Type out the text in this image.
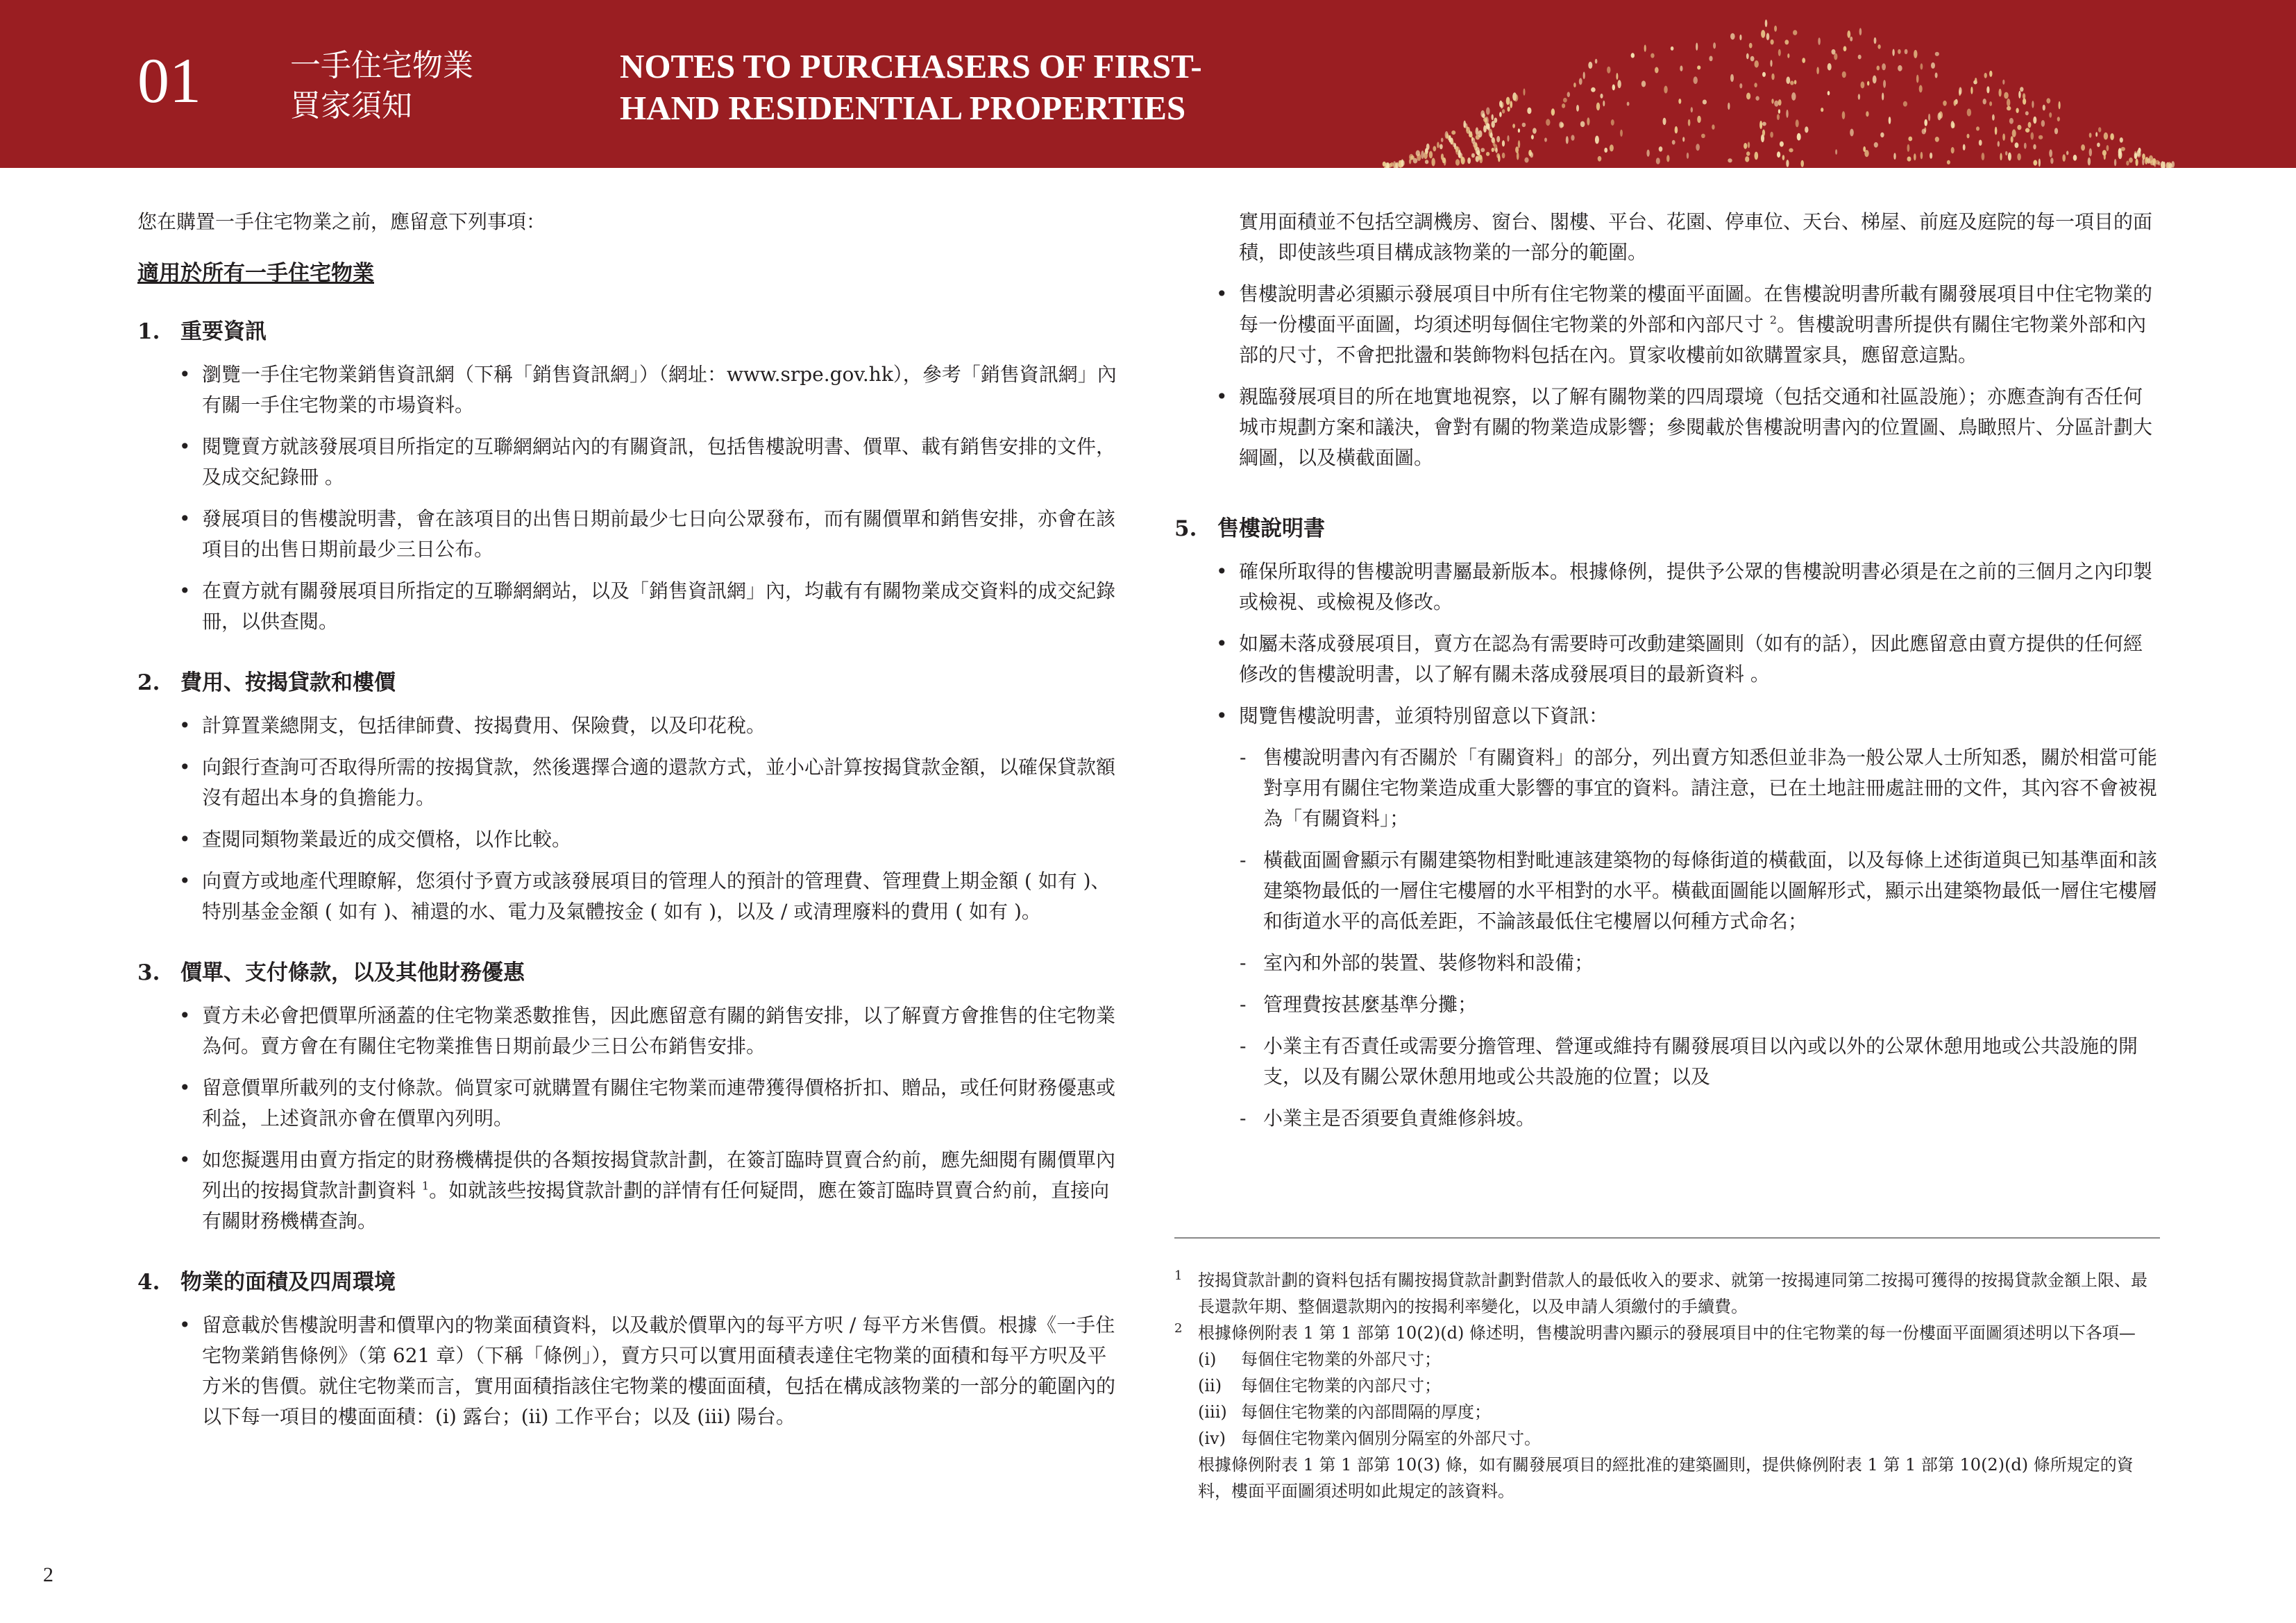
01	一手住宅物業
買家須知
NOTES TO PURCHASERS OF FIRST-
HAND RESIDENTIAL PROPERTIES

您在購置一手住宅物業之前，應留意下列事項：

適用於所有一手住宅物業

1. 重要資訊
• 瀏覽一手住宅物業銷售資訊網（下稱「銷售資訊網」）（網址：www.srpe.gov.hk），參考「銷售資訊網」內有關一手住宅物業的市場資料。
• 閱覽賣方就該發展項目所指定的互聯網網站內的有關資訊，包括售樓說明書、價單、載有銷售安排的文件，及成交紀錄冊 。
• 發展項目的售樓說明書，會在該項目的出售日期前最少七日向公眾發布，而有關價單和銷售安排，亦會在該項目的出售日期前最少三日公布。
• 在賣方就有關發展項目所指定的互聯網網站，以及「銷售資訊網」內，均載有有關物業成交資料的成交紀錄冊，以供查閱。
2. 費用、按揭貸款和樓價
• 計算置業總開支，包括律師費、按揭費用、保險費，以及印花稅。
• 向銀行查詢可否取得所需的按揭貸款，然後選擇合適的還款方式，並小心計算按揭貸款金額，以確保貸款額沒有超出本身的負擔能力。
• 查閱同類物業最近的成交價格，以作比較。
• 向賣方或地產代理瞭解，您須付予賣方或該發展項目的管理人的預計的管理費、管理費上期金額 ( 如有 )、特別基金金額 ( 如有 )、補還的水、電力及氣體按金 ( 如有 )，以及 / 或清理廢料的費用 ( 如有 )。
3. 價單、支付條款，以及其他財務優惠
• 賣方未必會把價單所涵蓋的住宅物業悉數推售，因此應留意有關的銷售安排，以了解賣方會推售的住宅物業為何。賣方會在有關住宅物業推售日期前最少三日公布銷售安排。
• 留意價單所載列的支付條款。倘買家可就購置有關住宅物業而連帶獲得價格折扣、贈品，或任何財務優惠或利益，上述資訊亦會在價單內列明。
• 如您擬選用由賣方指定的財務機構提供的各類按揭貸款計劃，在簽訂臨時買賣合約前，應先細閱有關價單內列出的按揭貸款計劃資料 $^1$。如就該些按揭貸款計劃的詳情有任何疑問，應在簽訂臨時買賣合約前，直接向有關財務機構查詢。
4. 物業的面積及四周環境
• 留意載於售樓說明書和價單內的物業面積資料，以及載於價單內的每平方呎 / 每平方米售價。根據《一手住宅物業銷售條例》（第 621 章）（下稱「條例」），賣方只可以實用面積表達住宅物業的面積和每平方呎及平方米的售價。就住宅物業而言，實用面積指該住宅物業的樓面面積，包括在構成該物業的一部分的範圍內的以下每一項目的樓面面積：(i) 露台；(ii) 工作平台；以及 (iii) 陽台。

實用面積並不包括空調機房、窗台、閣樓、平台、花園、停車位、天台、梯屋、前庭及庭院的每一項目的面積，即使該些項目構成該物業的一部分的範圍。

• 售樓說明書必須顯示發展項目中所有住宅物業的樓面平面圖。在售樓說明書所載有關發展項目中住宅物業的每一份樓面平面圖，均須述明每個住宅物業的外部和內部尺寸 $^2$。售樓說明書所提供有關住宅物業外部和內部的尺寸，不會把批盪和裝飾物料包括在內。買家收樓前如欲購置家具，應留意這點。
• 親臨發展項目的所在地實地視察，以了解有關物業的四周環境（包括交通和社區設施）；亦應查詢有否任何城市規劃方案和議決，會對有關的物業造成影響；參閱載於售樓說明書內的位置圖、鳥瞰照片、分區計劃大綱圖，以及橫截面圖。
5. 售樓說明書
• 確保所取得的售樓說明書屬最新版本。根據條例，提供予公眾的售樓說明書必須是在之前的三個月之內印製或檢視、或檢視及修改。
• 如屬未落成發展項目，賣方在認為有需要時可改動建築圖則（如有的話），因此應留意由賣方提供的任何經修改的售樓說明書，以了解有關未落成發展項目的最新資料 。
• 閱覽售樓說明書，並須特別留意以下資訊：
- 售樓說明書內有否關於「有關資料」的部分，列出賣方知悉但並非為一般公眾人士所知悉，關於相當可能對享用有關住宅物業造成重大影響的事宜的資料。請注意，已在土地註冊處註冊的文件，其內容不會被視為「有關資料」；
- 橫截面圖會顯示有關建築物相對毗連該建築物的每條街道的橫截面，以及每條上述街道與已知基準面和該建築物最低的一層住宅樓層的水平相對的水平。橫截面圖能以圖解形式，顯示出建築物最低一層住宅樓層和街道水平的高低差距，不論該最低住宅樓層以何種方式命名；
- 室內和外部的裝置、裝修物料和設備；
- 管理費按甚麼基準分攤；
- 小業主有否責任或需要分擔管理、營運或維持有關發展項目以內或以外的公眾休憩用地或公共設施的開支，以及有關公眾休憩用地或公共設施的位置；以及
- 小業主是否須要負責維修斜坡。
1 按揭貸款計劃的資料包括有關按揭貸款計劃對借款人的最低收入的要求、就第一按揭連同第二按揭可獲得的按揭貸款金額上限、最長還款年期、整個還款期內的按揭利率變化，以及申請人須繳付的手續費。
2 根據條例附表 1 第 1 部第 10(2)(d) 條述明，售樓說明書內顯示的發展項目中的住宅物業的每一份樓面平面圖須述明以下各項—
(i)	每個住宅物業的外部尺寸；
(ii)	每個住宅物業的內部尺寸；
(iii) 每個住宅物業的內部間隔的厚度；
(iv) 每個住宅物業內個別分隔室的外部尺寸。
根據條例附表 1 第 1 部第 10(3) 條，如有關發展項目的經批准的建築圖則，提供條例附表 1 第 1 部第 10(2)(d) 條所規定的資料，樓面平面圖須述明如此規定的該資料。
2
